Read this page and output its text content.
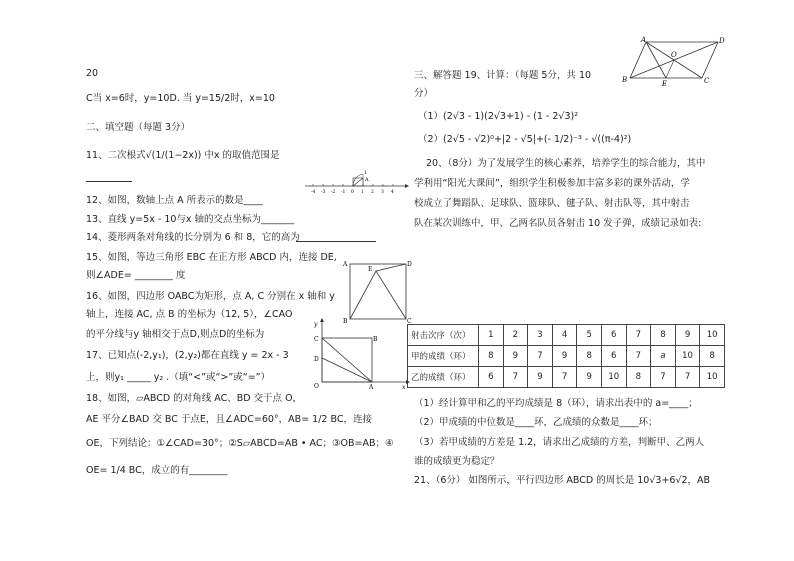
20
C当 x=6时，y=10D. 当 y=15/2时，x=10
二、填空题（每题 3分）
11、二次根式√(1/(1−2x)) 中x 的取值范围是
12、如图，数轴上点 A 所表示的数是____
13、直线 y=5x - 10与x 轴的交点坐标为_______
14、菱形两条对角线的长分别为 6 和 8，它的高为
15、如图，等边三角形 EBC 在正方形 ABCD 内，连接 DE,
则∠ADE= ________ 度
16、如图，四边形 OABC为矩形，点 A, C 分别在 x 轴和 y
轴上，连接 AC, 点 B 的坐标为（12, 5），∠CAO
的平分线与y 轴相交于点D,则点D的坐标为
17、已知点(-2,y₁)，(2,y₂)都在直线 y = 2x - 3
上，则y₁ _____ y₂ .（填“<”或“>”或“=”）
18、如图，▱ABCD 的对角线 AC、BD 交于点 O，
AE 平分∠BAD 交 BC 于点E，且∠ADC=60°，AB= 1/2 BC，连接
OE，下列结论：①∠CAD=30°；②S▱ABCD=AB • AC；③OB=AB；④
OE= 1/4 BC，成立的有________
三、解答题 19、计算：（每题 5分，共 10
分）
（1）(2√3 - 1)(2√3+1) - (1 - 2√3)²
（2）(2√5 - √2)⁰+|2 - √5|+(- 1/2)⁻³ - √((π-4)²)
20、（8分）为了发展学生的核心素养，培养学生的综合能力，其中
学利用“阳光大课间”，组织学生积极参加丰富多彩的课外活动，学
校成立了舞蹈队、足球队、篮球队、毽子队、射击队等，其中射击
队在某次训练中，甲、乙两名队员各射击 10 发子弹，成绩记录如表:
射击次序（次）	1	2	3	4	5	6	7	8	9	10
甲的成绩（环）	8	9	7	9	8	6	7	a	10	8
乙的成绩（环）	6	7	9	7	9	10	8	7	7	10
（1）经计算甲和乙的平均成绩是 8（环），请求出表中的 a=____；
（2）甲成绩的中位数是____环，乙成绩的众数是____环；
（3）若甲成绩的方差是 1.2，请求出乙成绩的方差，判断甲、乙两人
谁的成绩更为稳定？
21、（6分） 如图所示，平行四边形 ABCD 的周长是 10√3+6√2，AB
-4 -3 -2 -1 0 1 2 3 4
A
1
A	D
E
B	C
y
C
D
B
O	A	x
A	D
O
B	E	C
